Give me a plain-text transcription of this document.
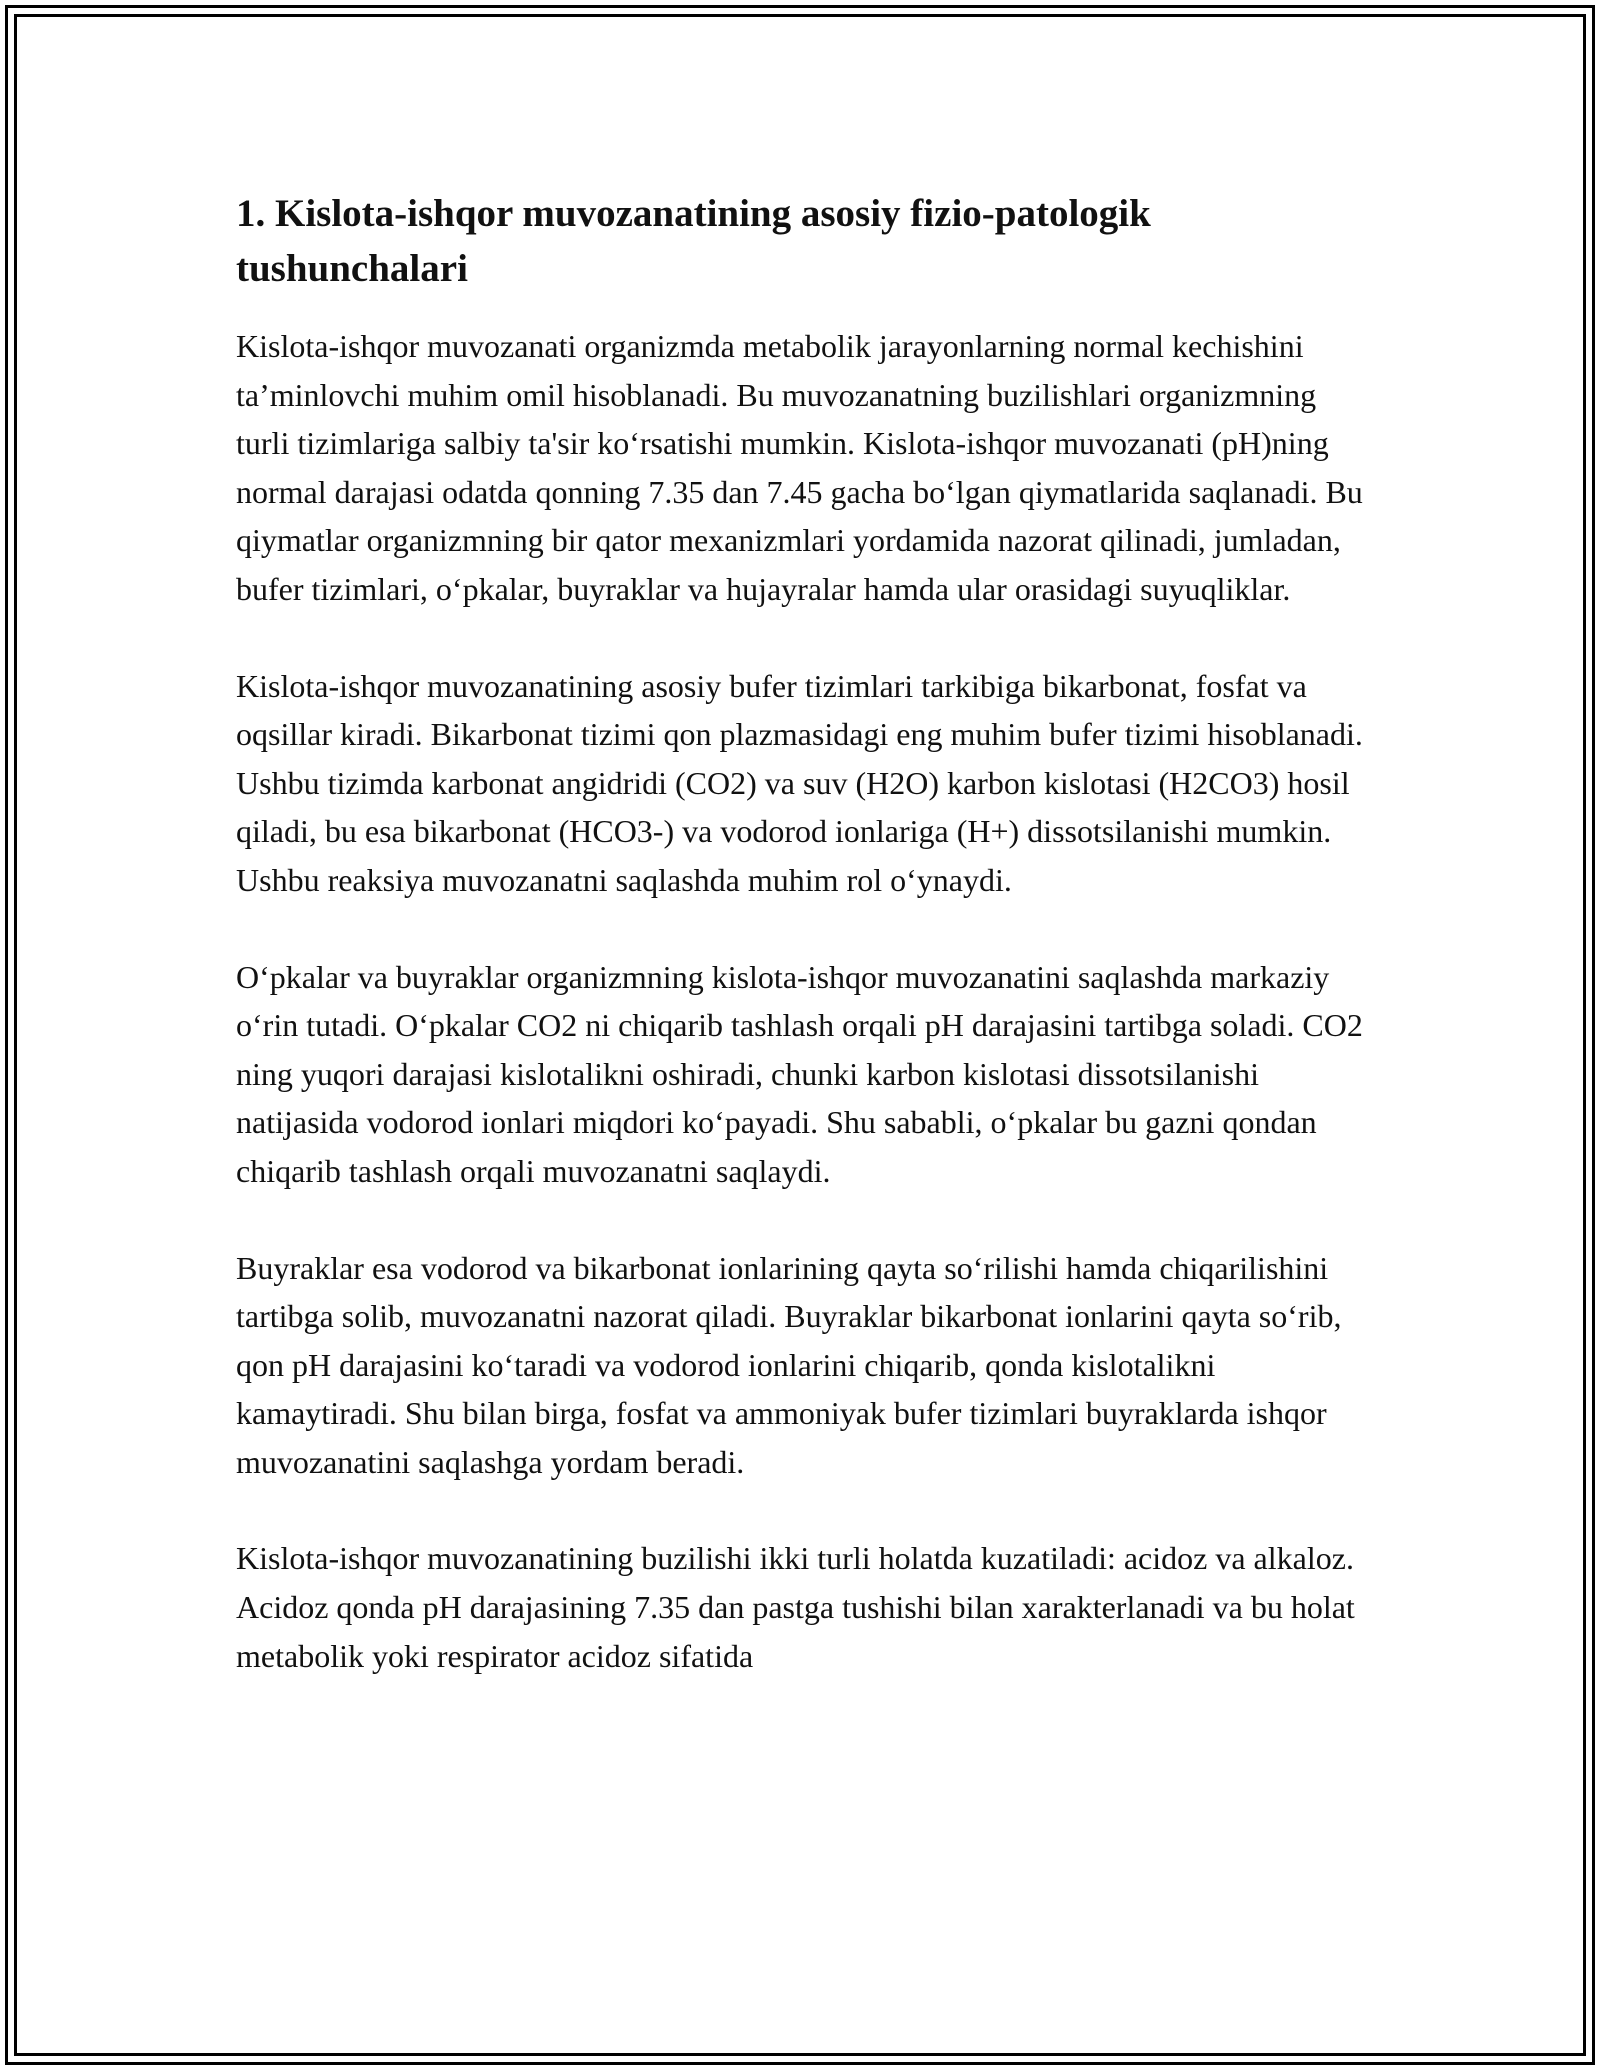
1. Kislota-ishqor muvozanatining asosiy fizio-patologik tushunchalari

Kislota-ishqor muvozanati organizmda metabolik jarayonlarning normal kechishini ta’minlovchi muhim omil hisoblanadi. Bu muvozanatning buzilishlari organizmning turli tizimlariga salbiy ta'sir ko‘rsatishi mumkin. Kislota-ishqor muvozanati (pH)ning normal darajasi odatda qonning 7.35 dan 7.45 gacha bo‘lgan qiymatlarida saqlanadi. Bu qiymatlar organizmning bir qator mexanizmlari yordamida nazorat qilinadi, jumladan, bufer tizimlari, o‘pkalar, buyraklar va hujayralar hamda ular orasidagi suyuqliklar.

Kislota-ishqor muvozanatining asosiy bufer tizimlari tarkibiga bikarbonat, fosfat va oqsillar kiradi. Bikarbonat tizimi qon plazmasidagi eng muhim bufer tizimi hisoblanadi. Ushbu tizimda karbonat angidridi (CO2) va suv (H2O) karbon kislotasi (H2CO3) hosil qiladi, bu esa bikarbonat (HCO3-) va vodorod ionlariga (H+) dissotsilanishi mumkin. Ushbu reaksiya muvozanatni saqlashda muhim rol o‘ynaydi.

O‘pkalar va buyraklar organizmning kislota-ishqor muvozanatini saqlashda markaziy o‘rin tutadi. O‘pkalar CO2 ni chiqarib tashlash orqali pH darajasini tartibga soladi. CO2 ning yuqori darajasi kislotalikni oshiradi, chunki karbon kislotasi dissotsilanishi natijasida vodorod ionlari miqdori ko‘payadi. Shu sababli, o‘pkalar bu gazni qondan chiqarib tashlash orqali muvozanatni saqlaydi.

Buyraklar esa vodorod va bikarbonat ionlarining qayta so‘rilishi hamda chiqarilishini tartibga solib, muvozanatni nazorat qiladi. Buyraklar bikarbonat ionlarini qayta so‘rib, qon pH darajasini ko‘taradi va vodorod ionlarini chiqarib, qonda kislotalikni kamaytiradi. Shu bilan birga, fosfat va ammoniyak bufer tizimlari buyraklarda ishqor muvozanatini saqlashga yordam beradi.

Kislota-ishqor muvozanatining buzilishi ikki turli holatda kuzatiladi: acidoz va alkaloz. Acidoz qonda pH darajasining 7.35 dan pastga tushishi bilan xarakterlanadi va bu holat metabolik yoki respirator acidoz sifatida
